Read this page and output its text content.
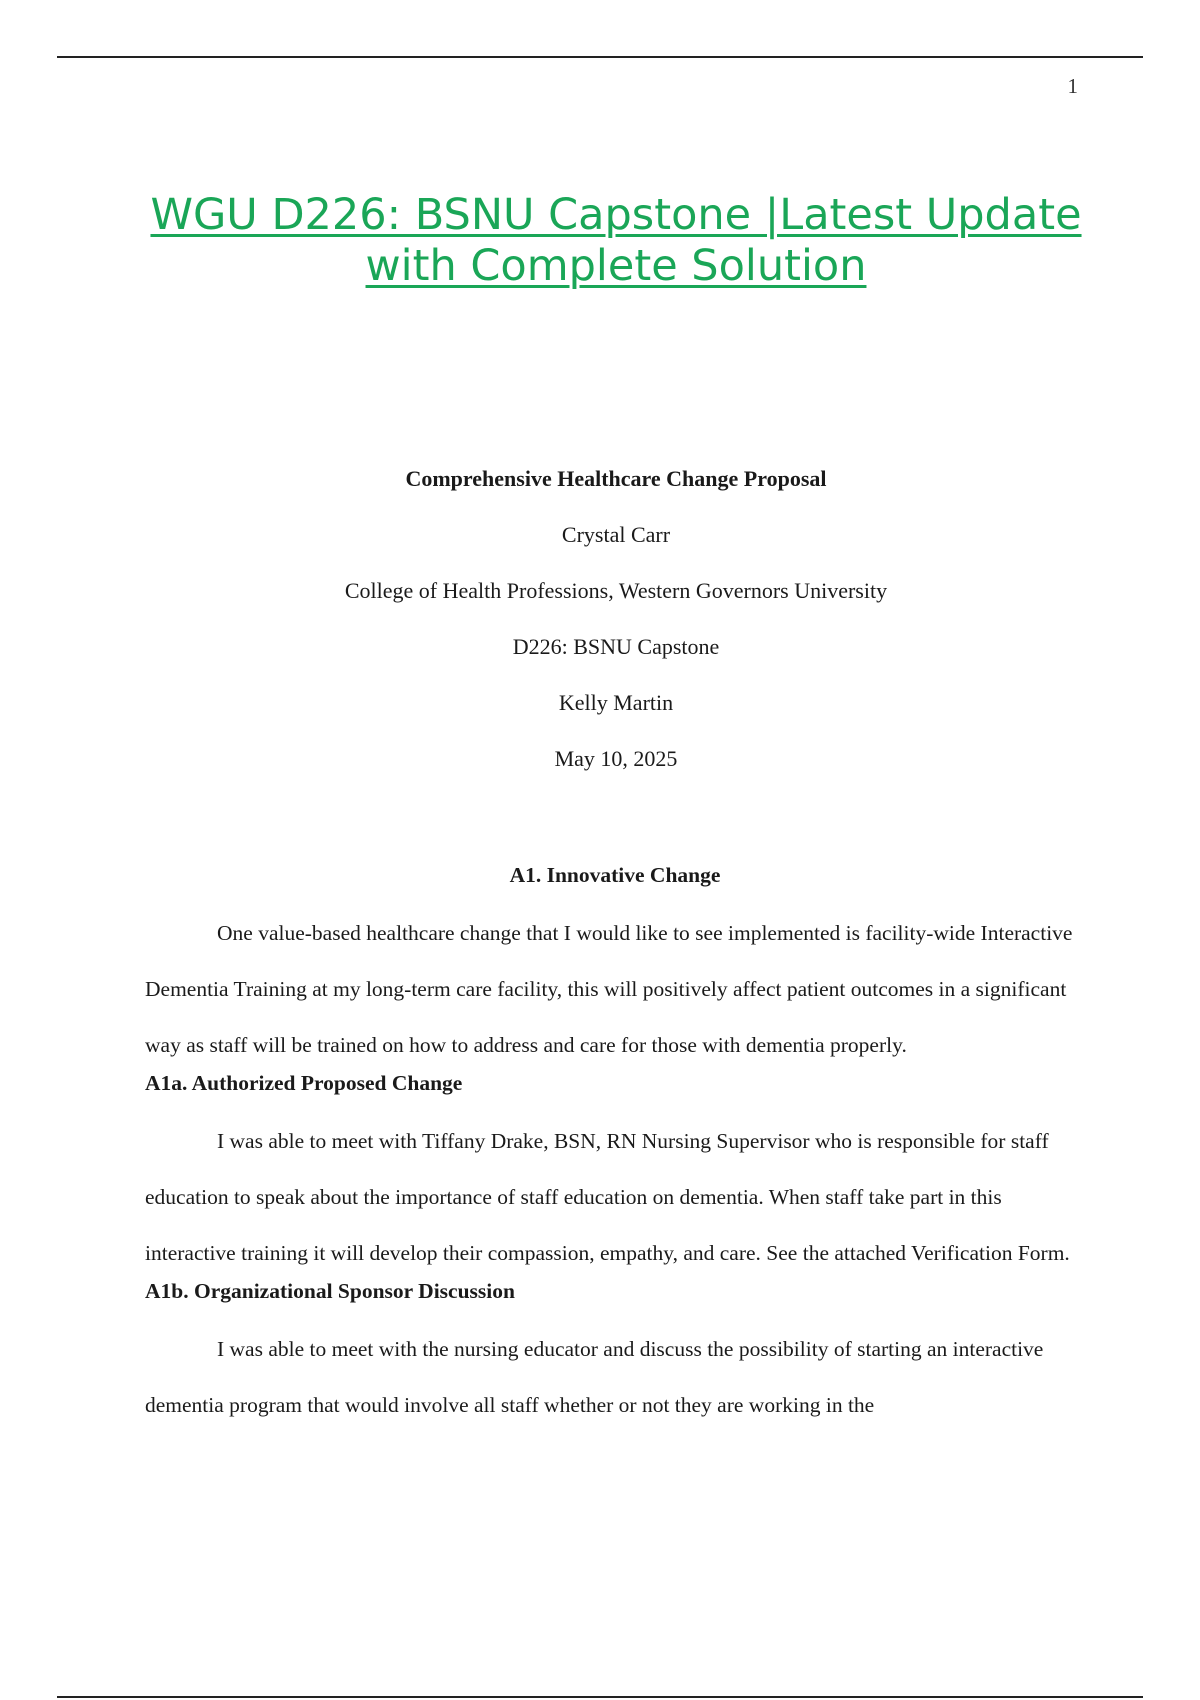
1
WGU D226: BSNU Capstone |Latest Update
with Complete Solution
Comprehensive Healthcare Change Proposal
Crystal Carr
College of Health Professions, Western Governors University
D226: BSNU Capstone
Kelly Martin
May 10, 2025
A1. Innovative Change

One value-based healthcare change that I would like to see implemented is facility-wide Interactive Dementia Training at my long-term care facility, this will positively affect patient outcomes in a significant way as staff will be trained on how to address and care for those with dementia properly.

A1a. Authorized Proposed Change

I was able to meet with Tiffany Drake, BSN, RN Nursing Supervisor who is responsible for staff education to speak about the importance of staff education on dementia. When staff take part in this interactive training it will develop their compassion, empathy, and care. See the attached Verification Form.

A1b. Organizational Sponsor Discussion

I was able to meet with the nursing educator and discuss the possibility of starting an interactive dementia program that would involve all staff whether or not they are working in the
